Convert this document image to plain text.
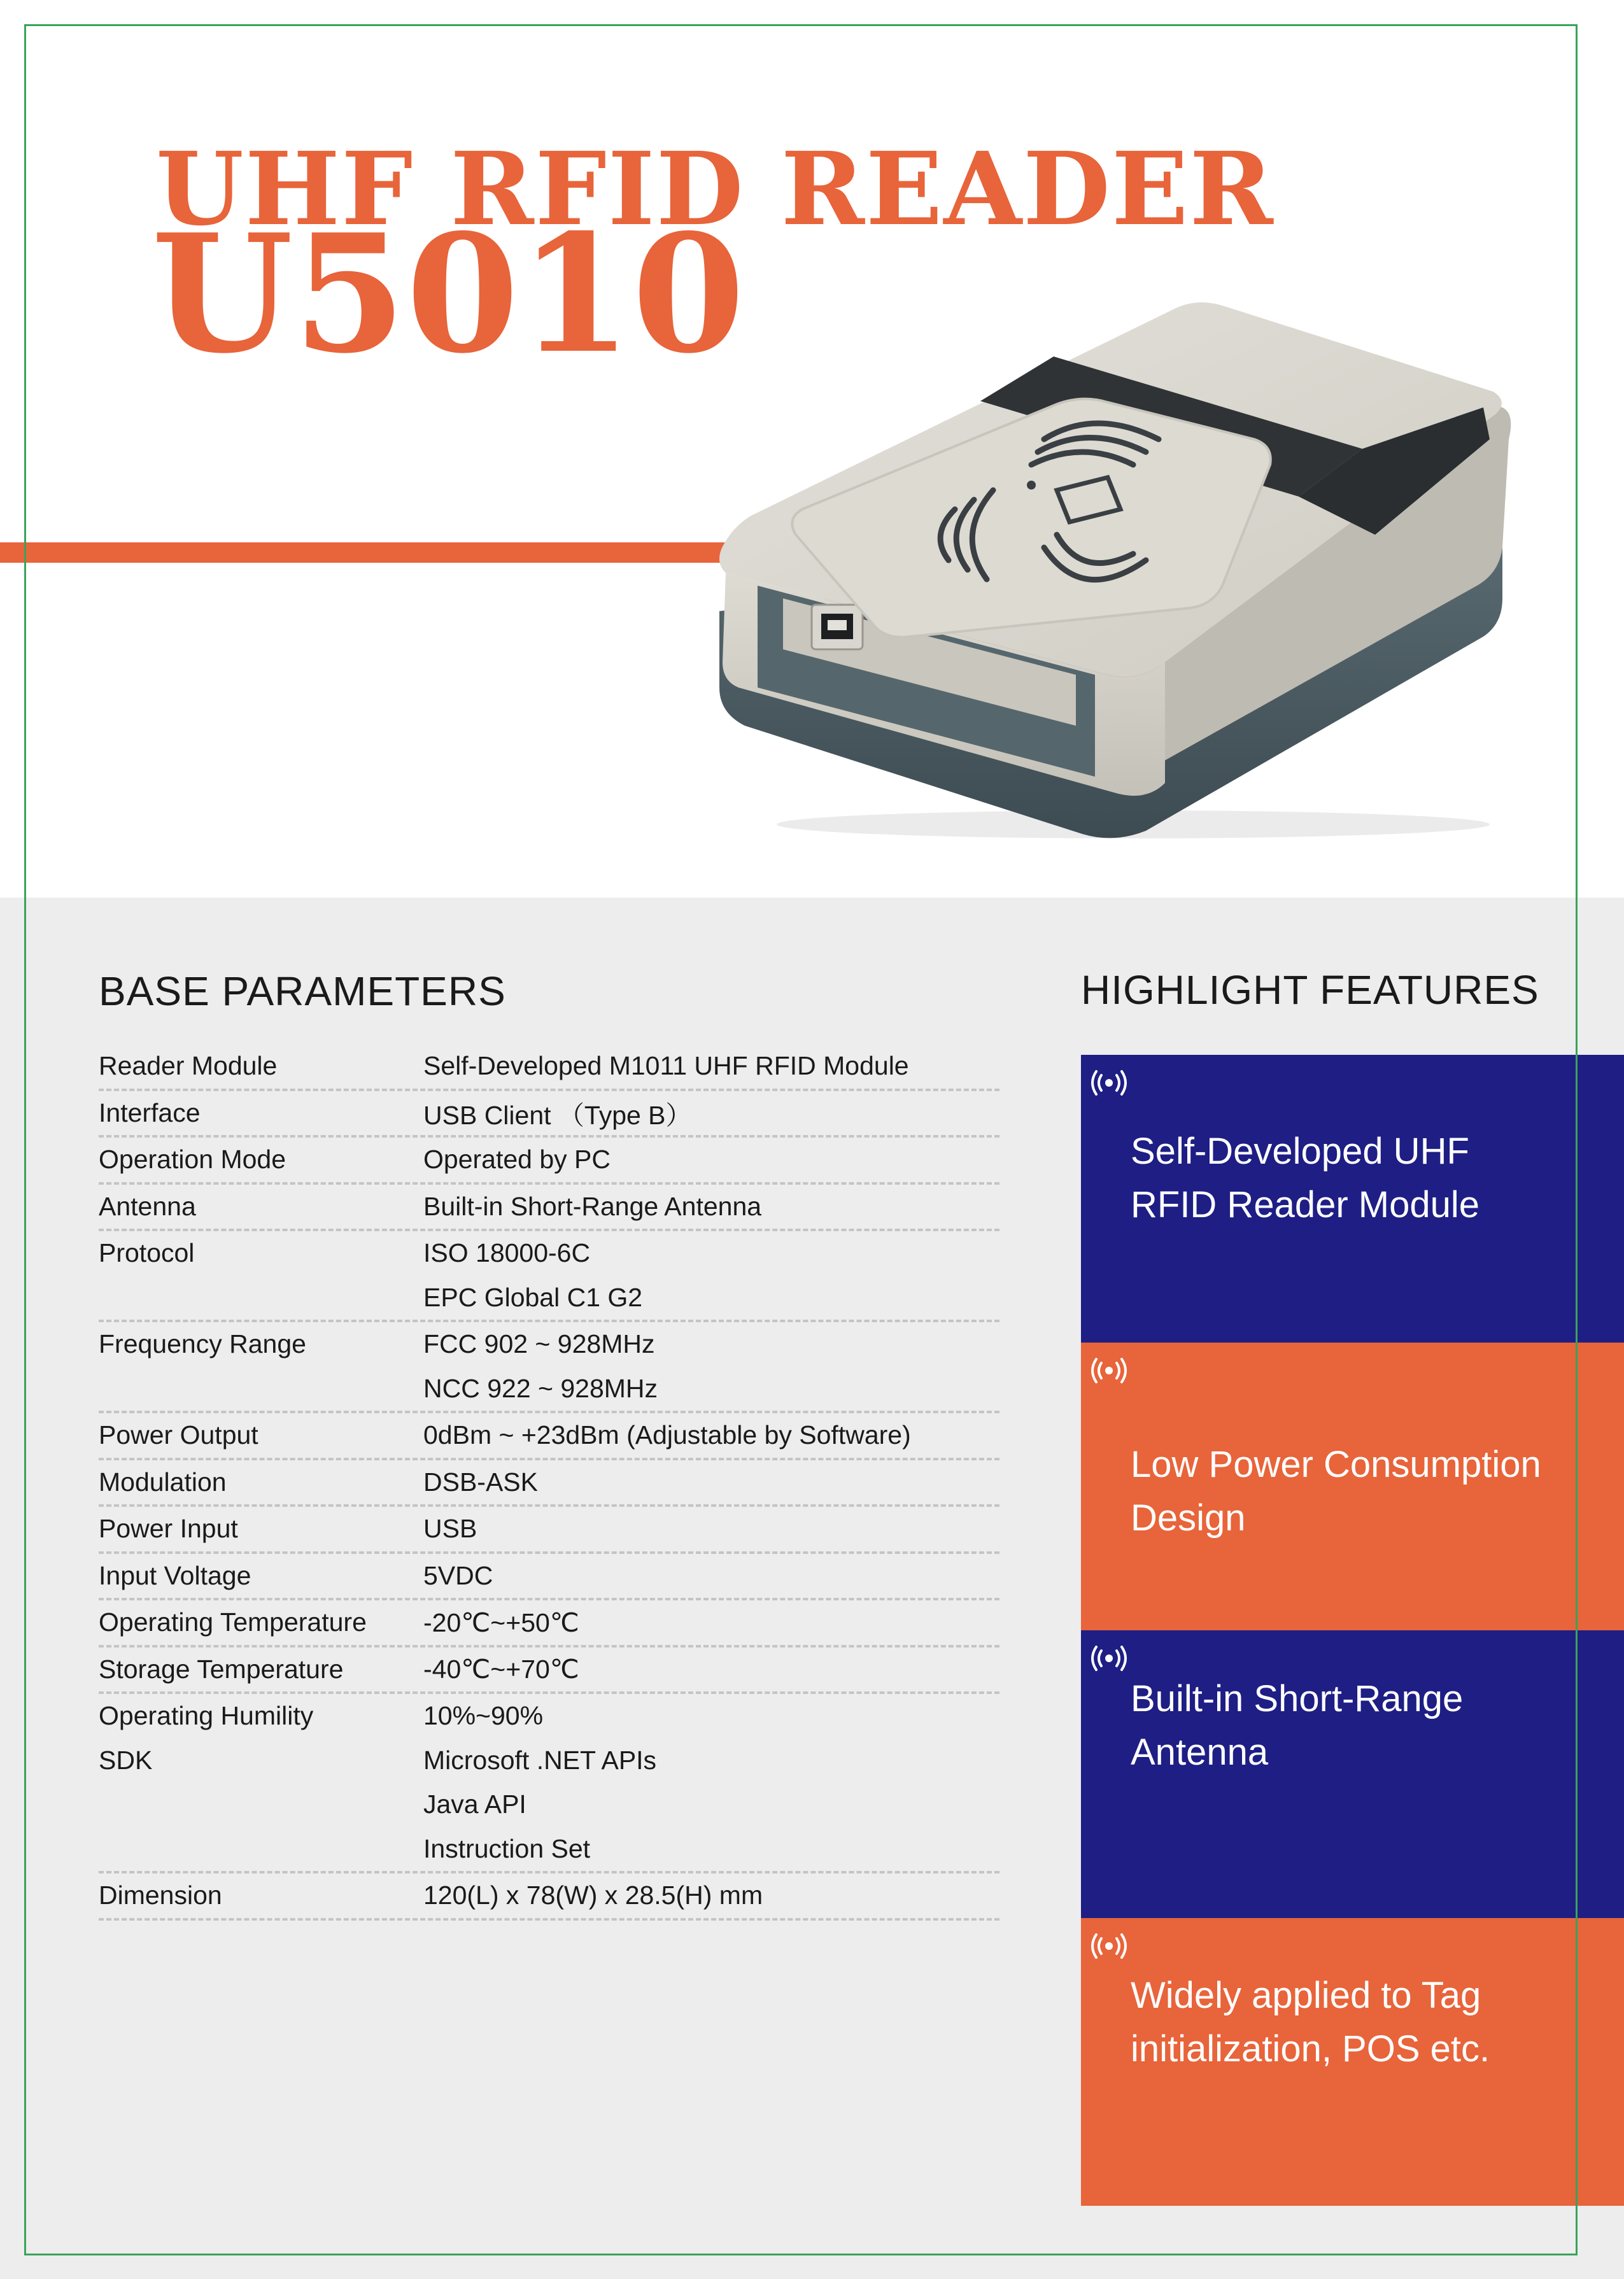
UHF RFID READER
U5010
BASE PARAMETERS	HIGHLIGHT FEATURES
Reader Module	Self-Developed M1011 UHF RFID Module
Interface	USB Client （Type B）
Operation Mode	Operated by PC
Antenna	Built-in Short-Range Antenna
Protocol	ISO 18000-6C
EPC Global C1 G2
Frequency Range	FCC 902 ~ 928MHz
NCC 922 ~ 928MHz
Power Output	0dBm ~ +23dBm (Adjustable by Software)
Modulation	DSB-ASK
Power Input	USB
Input Voltage	5VDC
Operating Temperature	-20℃~+50℃
Storage Temperature	-40℃~+70℃
Operating Humility	10%~90%
SDK	Microsoft .NET APIs
Java API
Instruction Set
Dimension	120(L) x 78(W) x 28.5(H) mm
Self-Developed UHF
RFID Reader Module
Low Power Consumption
Design
Built-in Short-Range
Antenna
Widely applied to Tag
initialization, POS etc.
